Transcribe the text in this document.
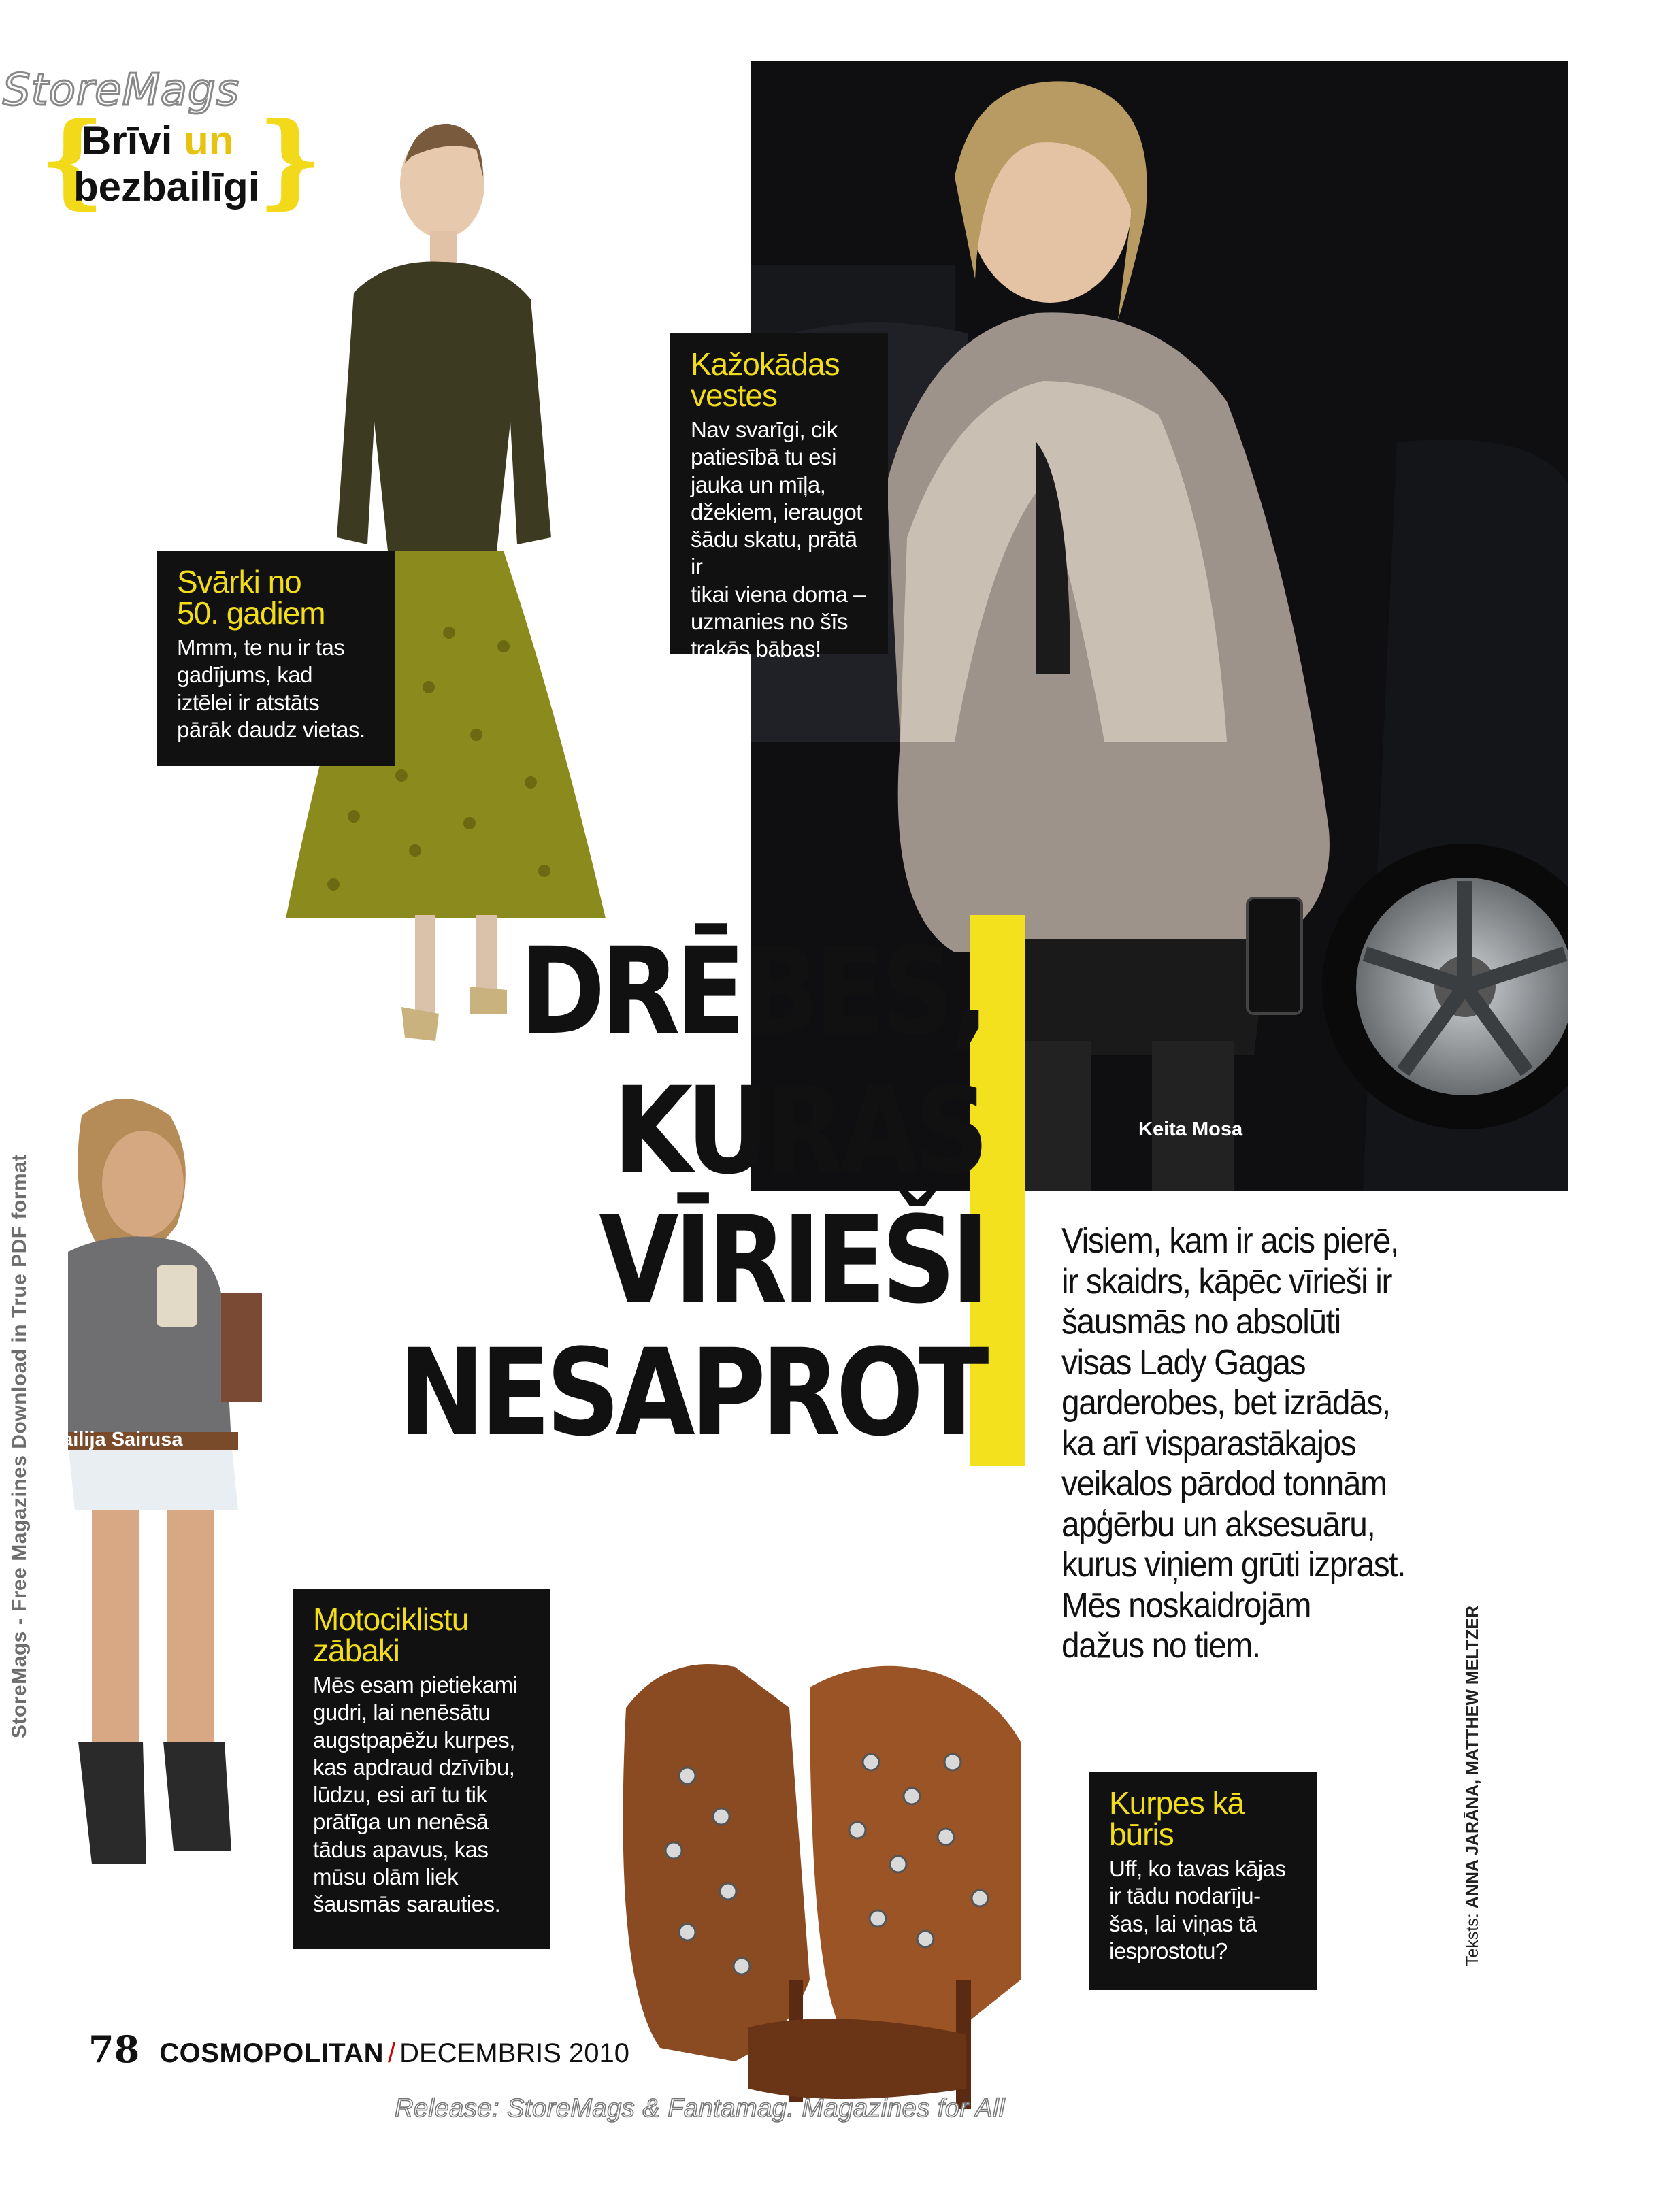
StoreMags
{ }
Brīvi un
bezbailīgi
Svārki no
50. gadiem
Mmm, te nu ir tas
gadījums, kad
iztēlei ir atstāts
pārāk daudz vietas.
Kažokādas
vestes
Nav svarīgi, cik
patiesībā tu esi
jauka un mīļa,
džekiem, ieraugot
šādu skatu, prātā ir
tikai viena doma –
uzmanies no šīs
trakās bābas!
Motociklistu
zābaki
Mēs esam pietiekami
gudri, lai nenēsātu
augstpapēžu kurpes,
kas apdraud dzīvību,
lūdzu, esi arī tu tik
prātīga un nenēsā
tādus apavus, kas
mūsu olām liek
šausmās sarauties.
Kurpes kā
būris
Uff, ko tavas kājas
ir tādu nodarīju-
šas, lai viņas tā
iesprostotu?
Keita Mosa
Mailija Sairusa
DRĒBES,
KURAS
VĪRIEŠI
NESAPROT
Visiem, kam ir acis pierē,
ir skaidrs, kāpēc vīrieši ir
šausmās no absolūti
visas Lady Gagas
garderobes, bet izrādās,
ka arī visparastākajos
veikalos pārdod tonnām
apģērbu un aksesuāru,
kurus viņiem grūti izprast.
Mēs noskaidrojām
dažus no tiem.
Teksts: ANNA JARĀNA, MATTHEW MELTZER
StoreMags - Free Magazines Download in True PDF format
78 COSMOPOLITAN / DECEMBRIS 2010
Release: StoreMags & Fantamag. Magazines for All
